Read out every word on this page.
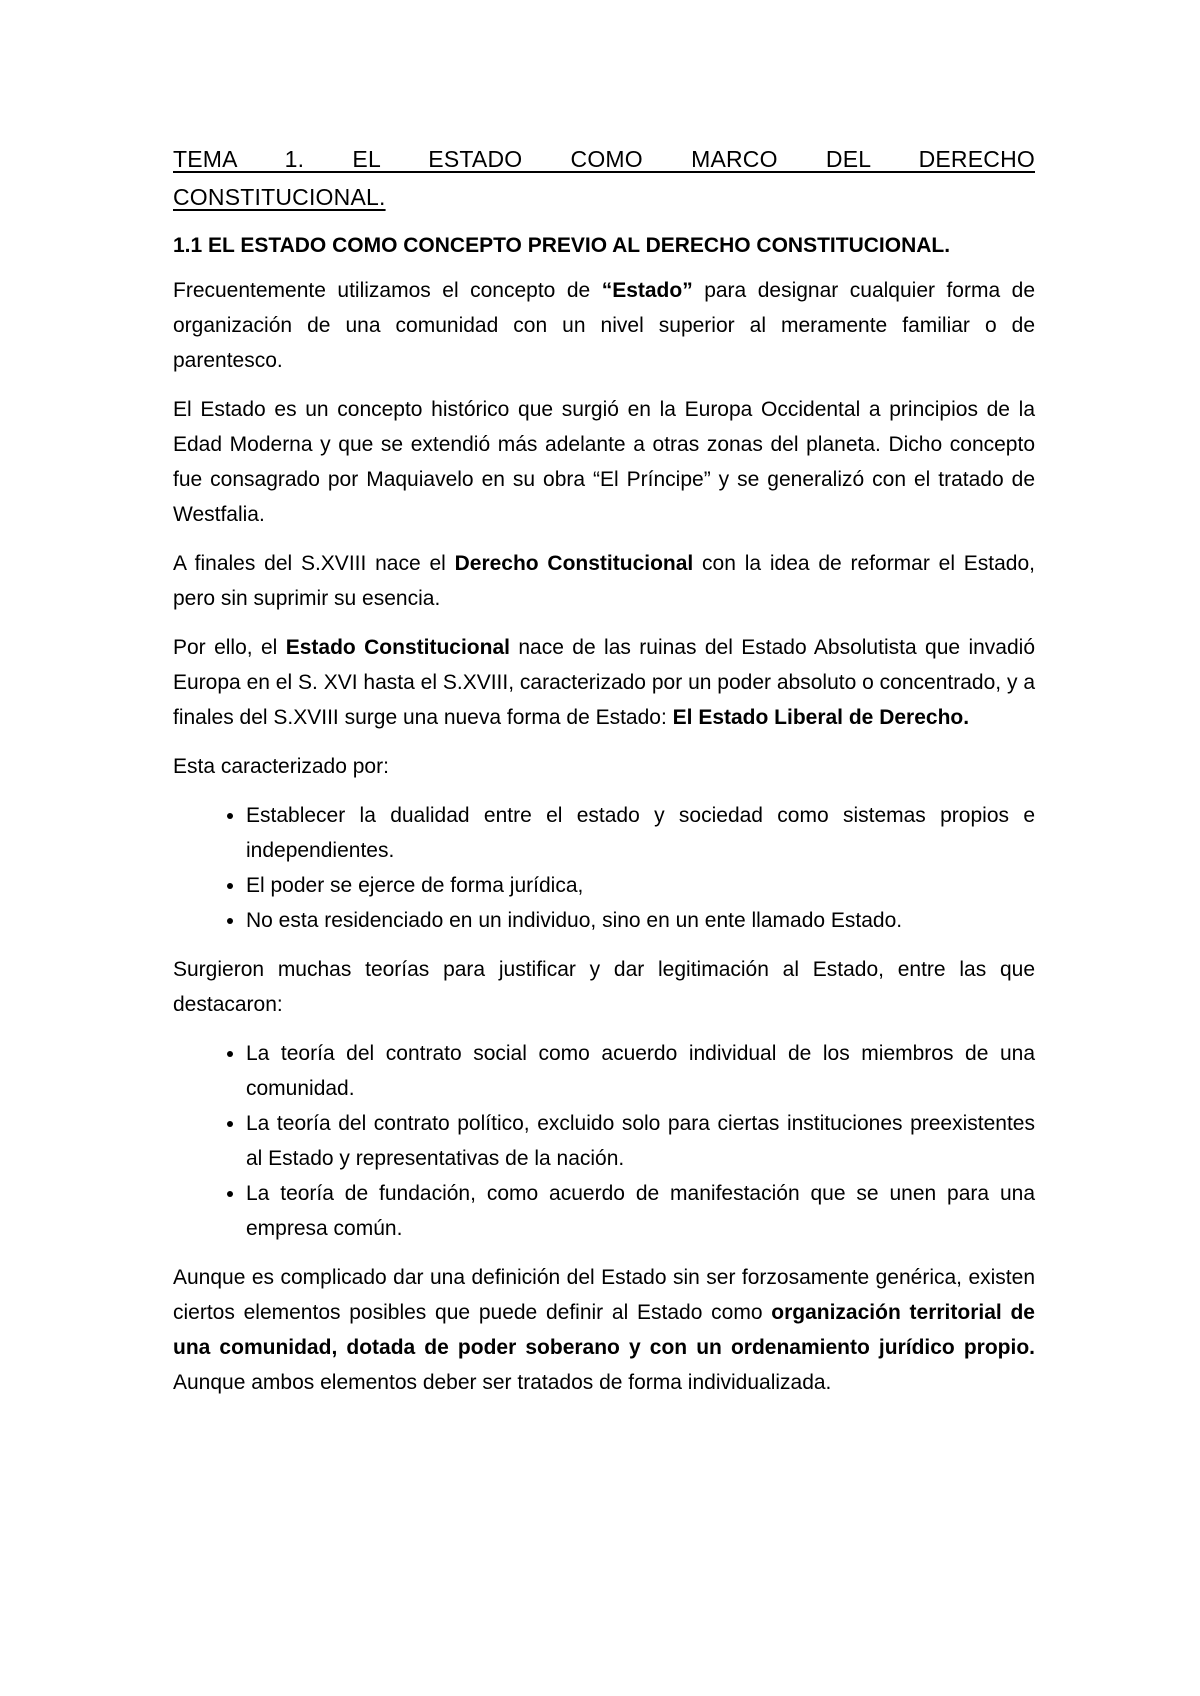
TEMA 1. EL ESTADO COMO MARCO DEL DERECHO
CONSTITUCIONAL.
1.1 EL ESTADO COMO CONCEPTO PREVIO AL DERECHO CONSTITUCIONAL.

Frecuentemente utilizamos el concepto de “Estado” para designar cualquier forma de organización de una comunidad con un nivel superior al meramente familiar o de parentesco.

El Estado es un concepto histórico que surgió en la Europa Occidental a principios de la Edad Moderna y que se extendió más adelante a otras zonas del planeta. Dicho concepto fue consagrado por Maquiavelo en su obra “El Príncipe” y se generalizó con el tratado de Westfalia.

A finales del S.XVIII nace el Derecho Constitucional con la idea de reformar el Estado, pero sin suprimir su esencia.

Por ello, el Estado Constitucional nace de las ruinas del Estado Absolutista que invadió Europa en el S. XVI hasta el S.XVIII, caracterizado por un poder absoluto o concentrado, y a finales del S.XVIII surge una nueva forma de Estado: El Estado Liberal de Derecho.

Esta caracterizado por:

• Establecer la dualidad entre el estado y sociedad como sistemas propios e independientes.
• El poder se ejerce de forma jurídica,
• No esta residenciado en un individuo, sino en un ente llamado Estado.

Surgieron muchas teorías para justificar y dar legitimación al Estado, entre las que destacaron:

• La teoría del contrato social como acuerdo individual de los miembros de una comunidad.
• La teoría del contrato político, excluido solo para ciertas instituciones preexistentes al Estado y representativas de la nación.
• La teoría de fundación, como acuerdo de manifestación que se unen para una empresa común.

Aunque es complicado dar una definición del Estado sin ser forzosamente genérica, existen ciertos elementos posibles que puede definir al Estado como organización territorial de una comunidad, dotada de poder soberano y con un ordenamiento jurídico propio. Aunque ambos elementos deber ser tratados de forma individualizada.
